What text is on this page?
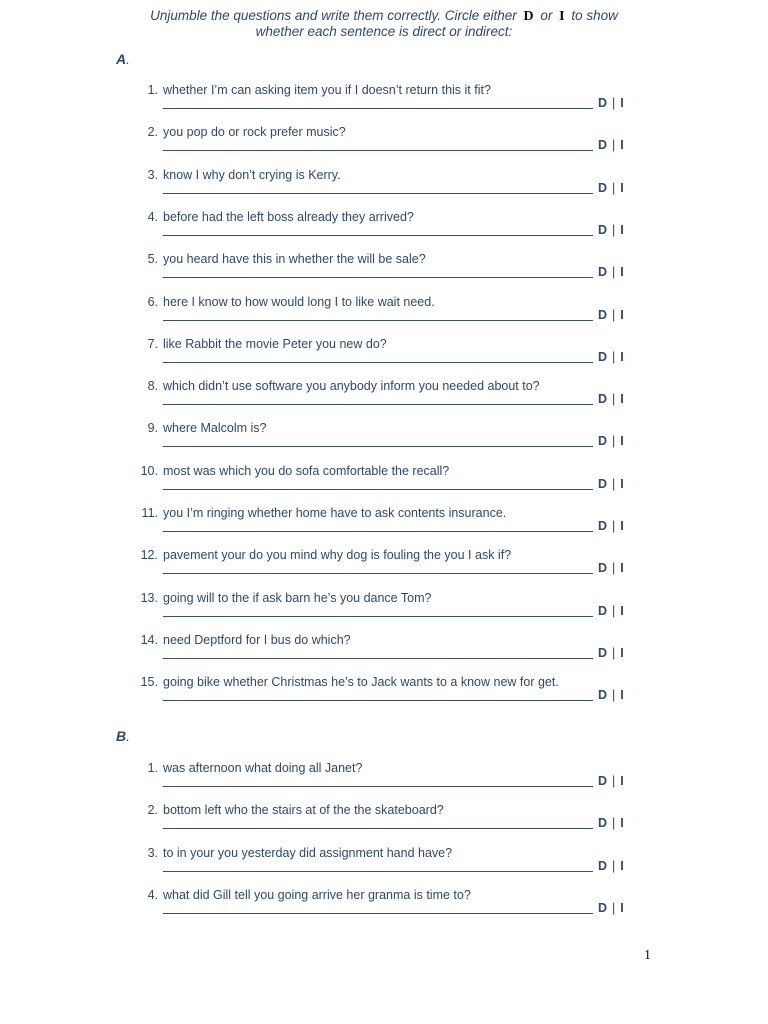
Unjumble the questions and write them correctly. Circle either D or I to show
whether each sentence is direct or indirect:
A.
1. whether I’m can asking item you if I doesn’t return this it fit?
D | I
2. you pop do or rock prefer music?
D | I
3. know I why don’t crying is Kerry.
D | I
4. before had the left boss already they arrived?
D | I
5. you heard have this in whether the will be sale?
D | I
6. here I know to how would long I to like wait need.
D | I
7. like Rabbit the movie Peter you new do?
D | I
8. which didn’t use software you anybody inform you needed about to?
D | I
9. where Malcolm is?
D | I
10. most was which you do sofa comfortable the recall?
D | I
11. you I’m ringing whether home have to ask contents insurance.
D | I
12. pavement your do you mind why dog is fouling the you I ask if?
D | I
13. going will to the if ask barn he’s you dance Tom?
D | I
14. need Deptford for I bus do which?
D | I
15. going bike whether Christmas he’s to Jack wants to a know new for get.
D | I
B.
1. was afternoon what doing all Janet?
D | I
2. bottom left who the stairs at of the the skateboard?
D | I
3. to in your you yesterday did assignment hand have?
D | I
4. what did Gill tell you going arrive her granma is time to?
D | I
1
